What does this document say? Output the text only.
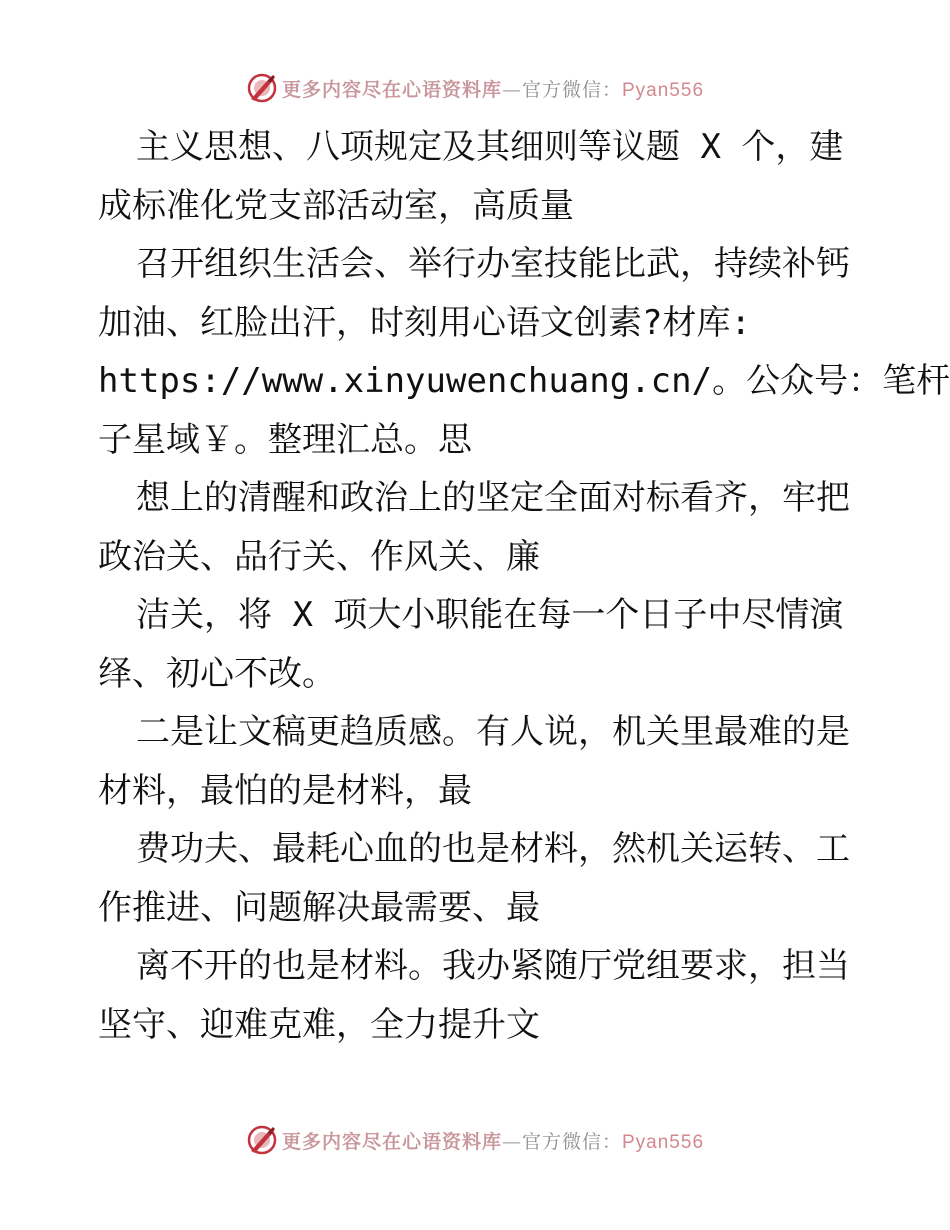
更多内容尽在心语资料库—官方微信：Pyan556
主义思想、八项规定及其细则等议题 X 个，建
成标准化党支部活动室，高质量
召开组织生活会、举行办室技能比武，持续补钙
加油、红脸出汗，时刻用心语文创素?材库:
https://www.xinyuwenchuang.cn/。公众号：笔杆
子星域￥。整理汇总。思
想上的清醒和政治上的坚定全面对标看齐，牢把
政治关、品行关、作风关、廉
洁关，将 X 项大小职能在每一个日子中尽情演
绎、初心不改。
二是让文稿更趋质感。有人说，机关里最难的是
材料，最怕的是材料，最
费功夫、最耗心血的也是材料，然机关运转、工
作推进、问题解决最需要、最
离不开的也是材料。我办紧随厅党组要求，担当
坚守、迎难克难，全力提升文
更多内容尽在心语资料库—官方微信：Pyan556
